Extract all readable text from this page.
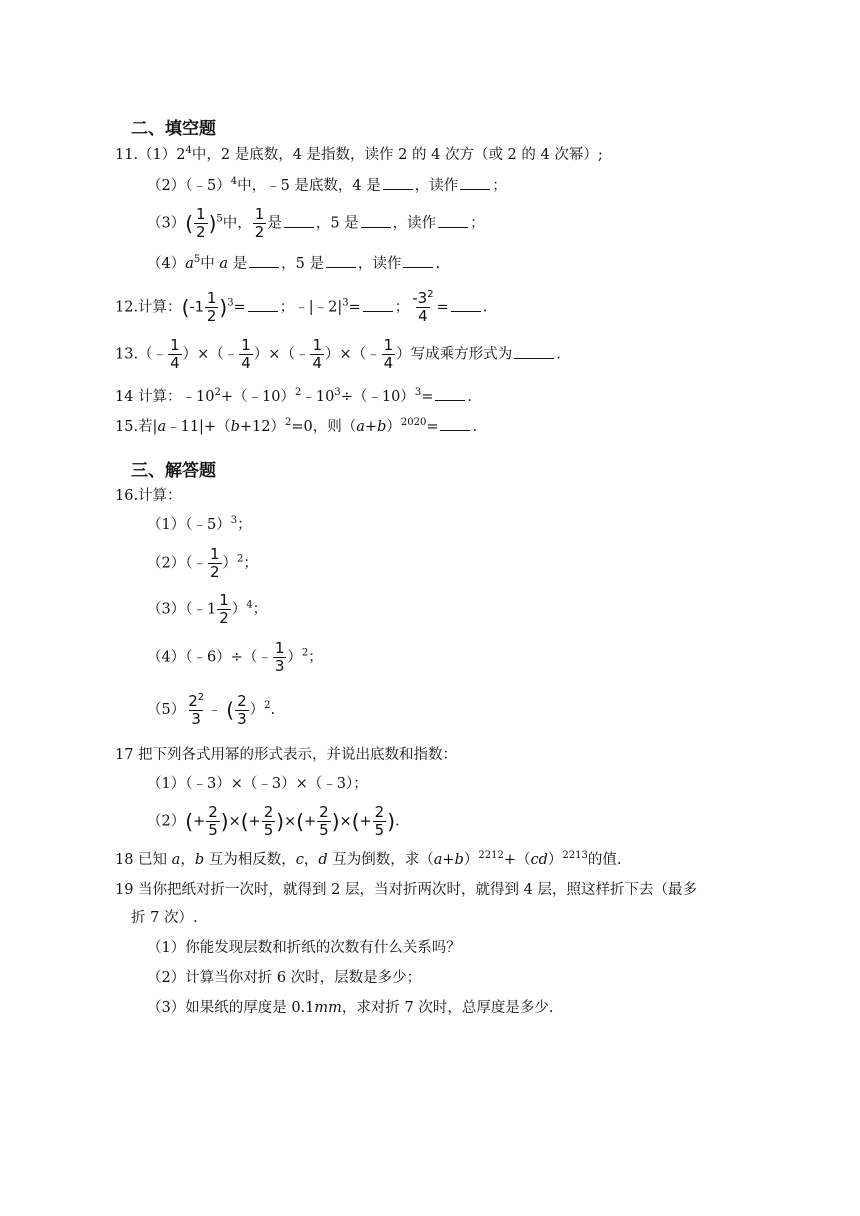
二、填空题
$11.(1)2^4$中，2 是底数，4 是指数，读作 2 的 4 次方（或 2 的 4 次幂）;
（2）（﹣5）$^4$中，﹣5 是底数，4 是 ，读作 ；
$(3)( \frac{1}{2} )^5$中， $\frac{1}{2}$ 是 ，5 是 ，读作 ；
$(4)a^5$中 a 是 ，5 是 ，读作 .
12.计算：$(-1 \frac{1}{2} )^3=$ ；$﹣|﹣2|^3=$ ； $\frac{-3^2}{4}$ = .
13.（﹣ $\frac{1}{4}$ ）×（﹣ $\frac{1}{4}$ ）×（﹣ $\frac{1}{4}$ ）×（﹣ $\frac{1}{4}$ ）写成乘方形式为	.
14 计算：$﹣10^2+(﹣10)^2﹣10^3\div(﹣10)^3=$ .
15.若$|a﹣11|+(b+12)^2=0$，则$(a+b)^{2020}=$ .
三、解答题
16.计算：
（1）（﹣5）$^3$；
（2）（﹣ $\frac{1}{2} )^2$；
（3）（﹣1 $\frac{1}{2} )^4$；
（4）（﹣6）÷（﹣ $\frac{1}{3} )^2$；
$(5) \frac{2^2}{3}$ ﹣ ( $\frac{2}{3} )^2$.
17 把下列各式用幂的形式表示，并说出底数和指数：
（1）（﹣3）×（﹣3）×（﹣3）；
$(2)(+ \frac{2}{5}$ )×(+ $\frac{2}{5}$ )×(+ $\frac{2}{5}$ )×(+ $\frac{2}{5}$ ).
18 已知 a，b 互为相反数，c，d 互为倒数，求$(a+b)^{2212}+(cd)^{2213}$的值.
19 当你把纸对折一次时，就得到 2 层，当对折两次时，就得到 4 层，照这样折下去（最多
折 7 次）.
（1）你能发现层数和折纸的次数有什么关系吗？
（2）计算当你对折 6 次时，层数是多少；
（3）如果纸的厚度是 0.1mm，求对折 7 次时，总厚度是多少.
